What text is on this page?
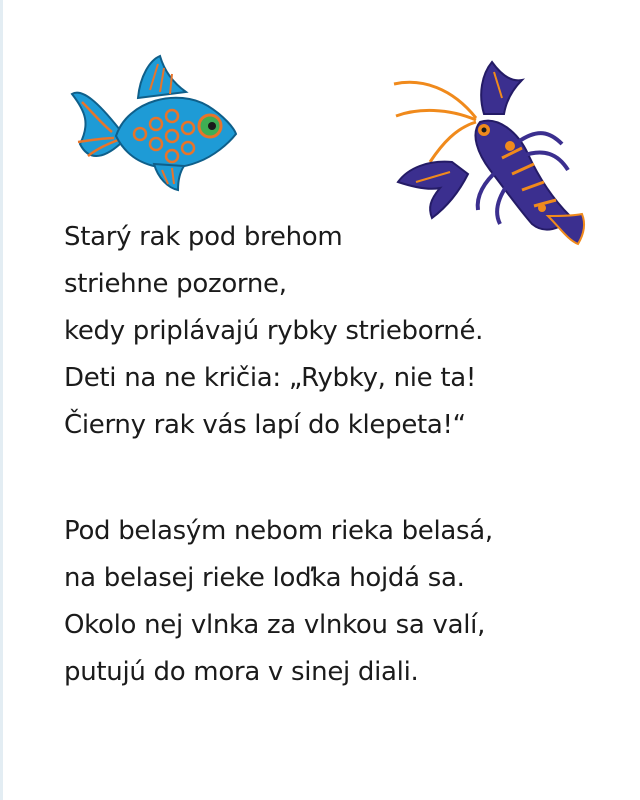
Starý rak pod brehom
striehne pozorne,
kedy priplávajú rybky strieborné.
Deti na ne kričia: „Rybky, nie ta!
Čierny rak vás lapí do klepeta!“
Pod belasým nebom rieka belasá,
na belasej rieke loďka hojdá sa.
Okolo nej vlnka za vlnkou sa valí,
putujú do mora v sinej diali.
